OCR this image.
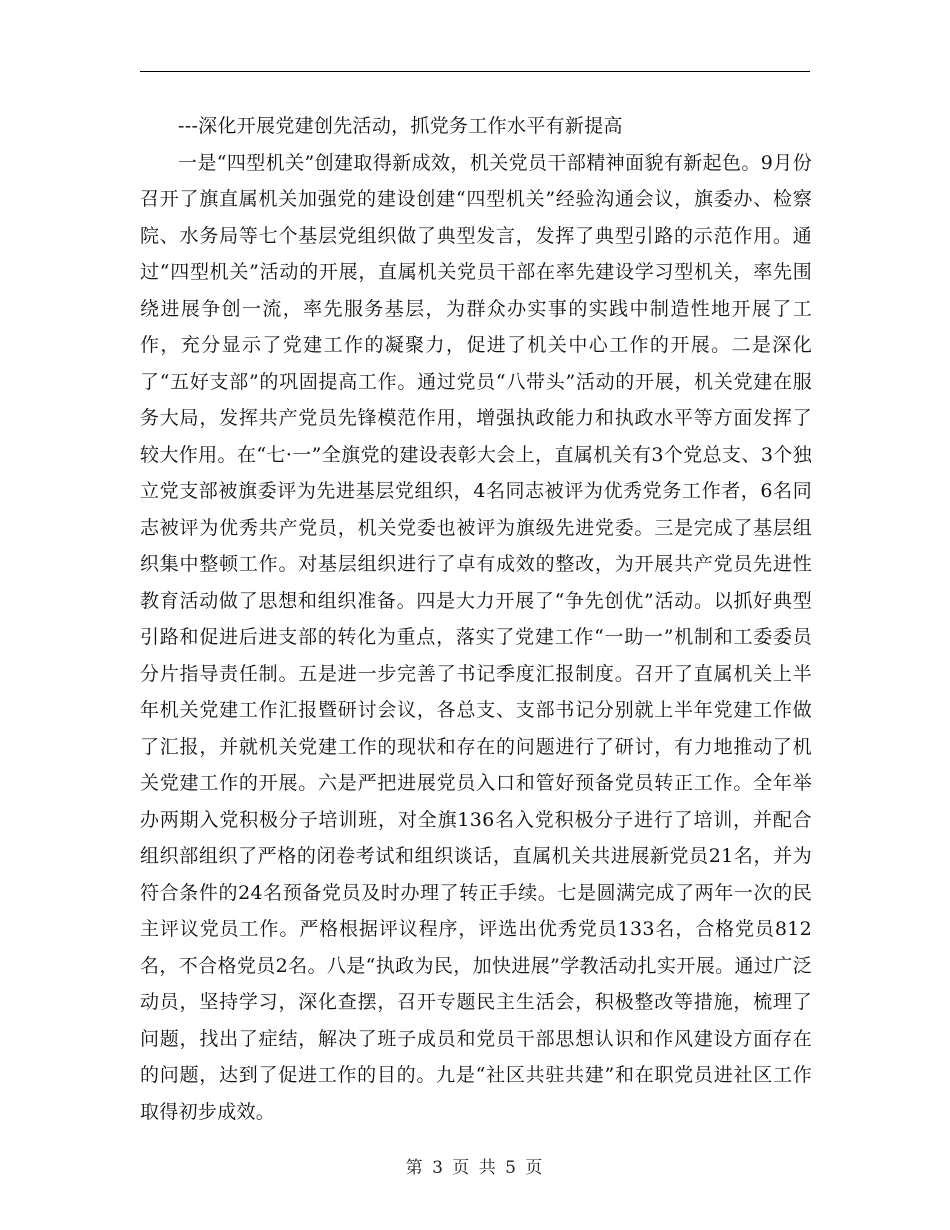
---深化开展党建创先活动，抓党务工作水平有新提高

一是“四型机关”创建取得新成效，机关党员干部精神面貌有新起色。9月份召开了旗直属机关加强党的建设创建“四型机关”经验沟通会议，旗委办、检察院、水务局等七个基层党组织做了典型发言，发挥了典型引路的示范作用。通过“四型机关”活动的开展，直属机关党员干部在率先建设学习型机关，率先围绕进展争创一流，率先服务基层，为群众办实事的实践中制造性地开展了工作，充分显示了党建工作的凝聚力，促进了机关中心工作的开展。二是深化了“五好支部”的巩固提高工作。通过党员“八带头”活动的开展，机关党建在服务大局，发挥共产党员先锋模范作用，增强执政能力和执政水平等方面发挥了较大作用。在“七·一”全旗党的建设表彰大会上，直属机关有3个党总支、3个独立党支部被旗委评为先进基层党组织，4名同志被评为优秀党务工作者，6名同志被评为优秀共产党员，机关党委也被评为旗级先进党委。三是完成了基层组织集中整顿工作。对基层组织进行了卓有成效的整改，为开展共产党员先进性教育活动做了思想和组织准备。四是大力开展了“争先创优”活动。以抓好典型引路和促进后进支部的转化为重点，落实了党建工作“一助一”机制和工委委员分片指导责任制。五是进一步完善了书记季度汇报制度。召开了直属机关上半年机关党建工作汇报暨研讨会议，各总支、支部书记分别就上半年党建工作做了汇报，并就机关党建工作的现状和存在的问题进行了研讨，有力地推动了机关党建工作的开展。六是严把进展党员入口和管好预备党员转正工作。全年举办两期入党积极分子培训班，对全旗136名入党积极分子进行了培训，并配合组织部组织了严格的闭卷考试和组织谈话，直属机关共进展新党员21名，并为符合条件的24名预备党员及时办理了转正手续。七是圆满完成了两年一次的民主评议党员工作。严格根据评议程序，评选出优秀党员133名，合格党员812名，不合格党员2名。八是“执政为民，加快进展”学教活动扎实开展。通过广泛动员，坚持学习，深化查摆，召开专题民主生活会，积极整改等措施，梳理了问题，找出了症结，解决了班子成员和党员干部思想认识和作风建设方面存在的问题，达到了促进工作的目的。九是“社区共驻共建”和在职党员进社区工作取得初步成效。

第 3 页 共 5 页
